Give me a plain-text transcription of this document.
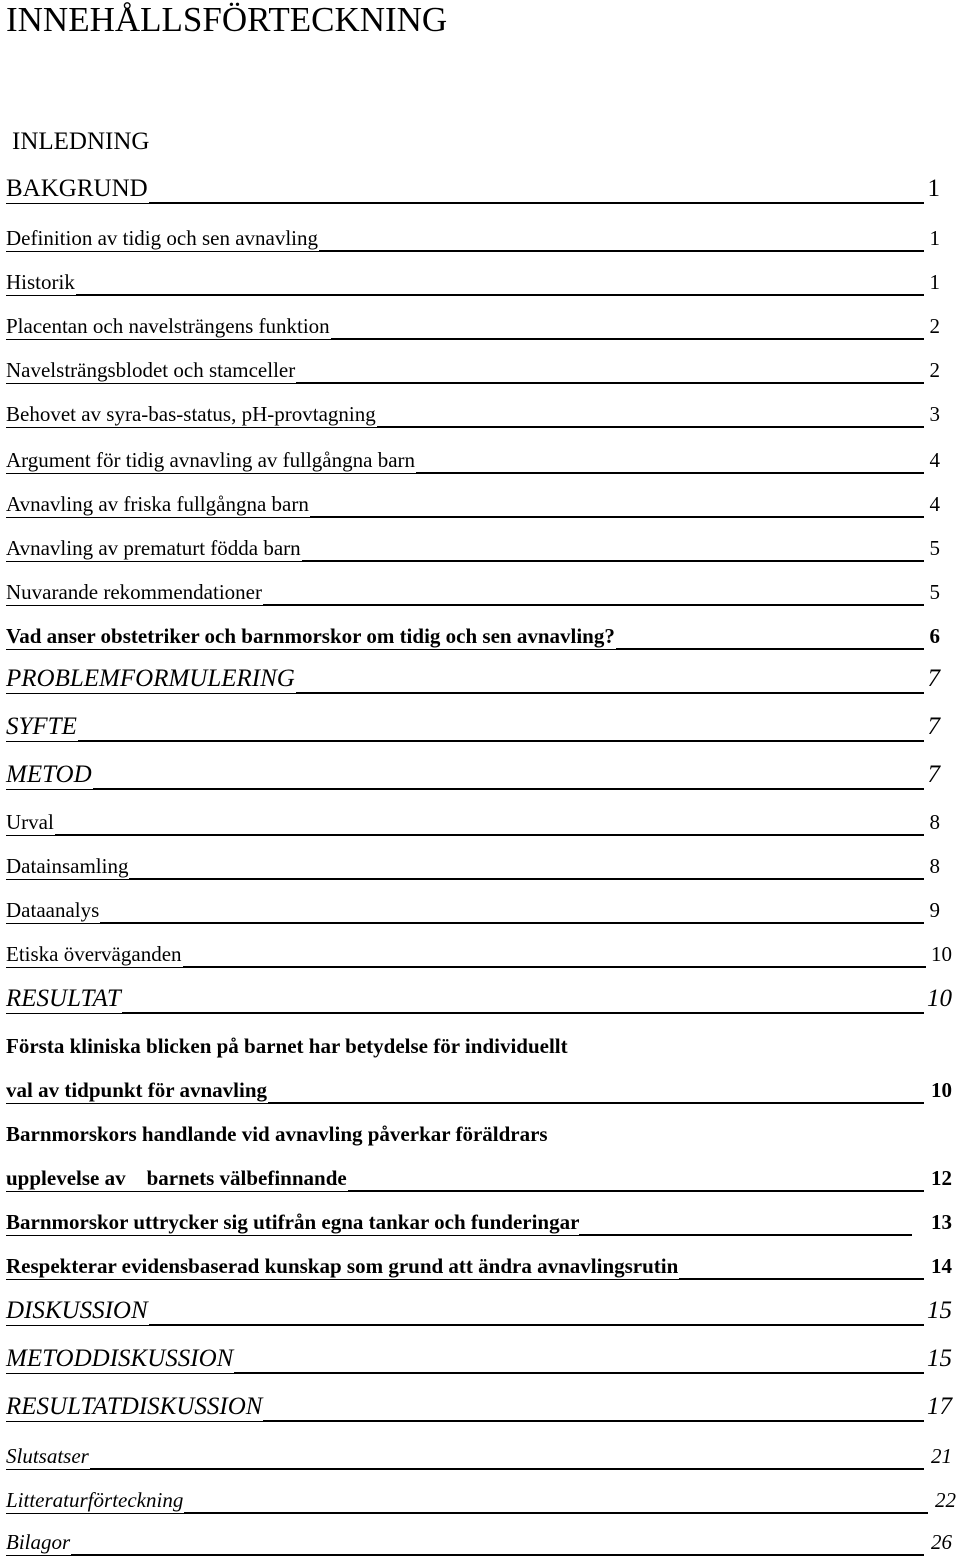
INNEHÅLLSFÖRTECKNING
INLEDNING
BAKGRUND	1
Definition av tidig och sen avnavling	1
Historik	1
Placentan och navelsträngens funktion	2
Navelsträngsblodet och stamceller	2
Behovet av syra-bas-status, pH-provtagning	3
Argument för tidig avnavling av fullgångna barn	4
Avnavling av friska fullgångna barn	4
Avnavling av prematurt födda barn	5
Nuvarande rekommendationer	5
Vad anser obstetriker och barnmorskor om tidig och sen avnavling?	6
PROBLEMFORMULERING	7
SYFTE	7
METOD	7
Urval	8
Datainsamling	8
Dataanalys	9
Etiska överväganden	10
RESULTAT	10
Första kliniska blicken på barnet har betydelse för individuellt
val av tidpunkt för avnavling	10
Barnmorskors handlande vid avnavling påverkar föräldrars
upplevelse av    barnets välbefinnande	12
Barnmorskor uttrycker sig utifrån egna tankar och funderingar	13
Respekterar evidensbaserad kunskap som grund att ändra avnavlingsrutin	14
DISKUSSION	15
METODDISKUSSION	15
RESULTATDISKUSSION	17
Slutsatser	21
Litteraturförteckning	22
Bilagor	26
